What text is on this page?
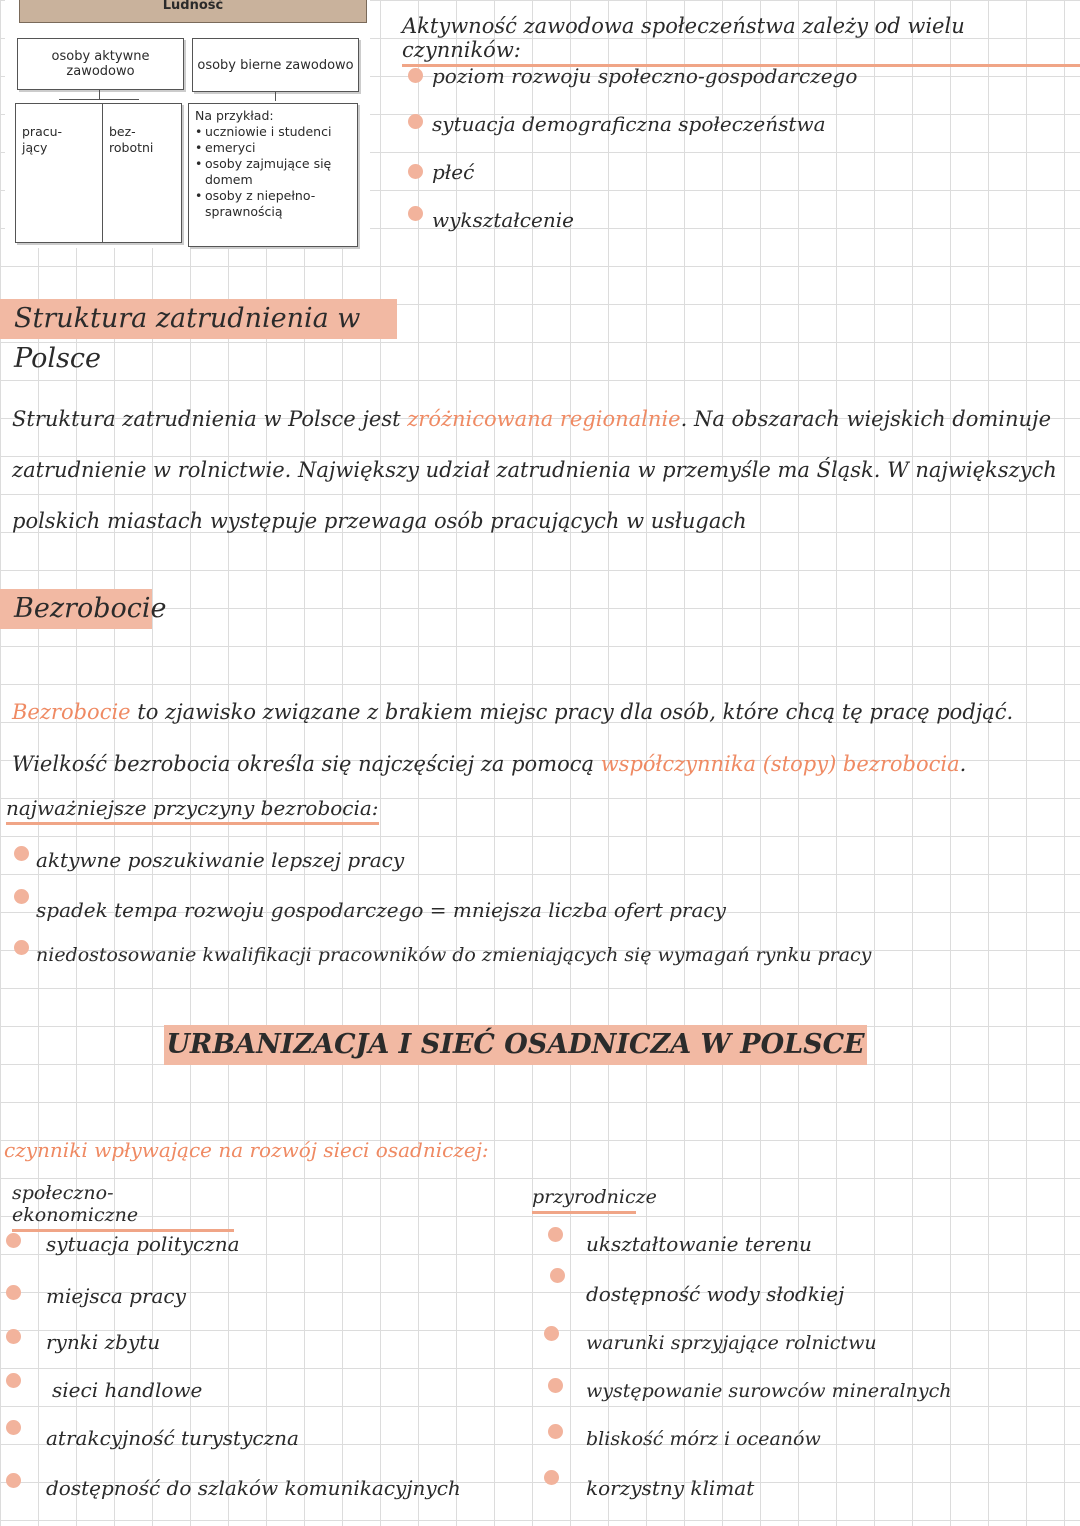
Ludność
osoby aktywne zawodowo	osoby bierne zawodowo

pracu-
jący

bez-
robotni

Na przykład:
• uczniowie i studenci
• emeryci
• osoby zajmujące się domem
• osoby z niepełno- sprawnością
Aktywność zawodowa społeczeństwa zależy od wielu czynników:
poziom rozwoju społeczno-gospodarczego
sytuacja demograficzna społeczeństwa
płeć
wykształcenie
Struktura zatrudnienia w Polsce
Struktura zatrudnienia w Polsce jest zróżnicowana regionalnie. Na obszarach wiejskich dominuje zatrudnienie w rolnictwie. Największy udział zatrudnienia w przemyśle ma Śląsk. W największych polskich miastach występuje przewaga osób pracujących w usługach
Bezrobocie
Bezrobocie to zjawisko związane z brakiem miejsc pracy dla osób, które chcą tę pracę podjąć. Wielkość bezrobocia określa się najczęściej za pomocą współczynnika (stopy) bezrobocia.
najważniejsze przyczyny bezrobocia:
aktywne poszukiwanie lepszej pracy
spadek tempa rozwoju gospodarczego = mniejsza liczba ofert pracy
niedostosowanie kwalifikacji pracowników do zmieniających się wymagań rynku pracy
URBANIZACJA I SIEĆ OSADNICZA W POLSCE
czynniki wpływające na rozwój sieci osadniczej:
społeczno-ekonomiczne
sytuacja polityczna
miejsca pracy
rynki zbytu
sieci handlowe
atrakcyjność turystyczna
dostępność do szlaków komunikacyjnych
przyrodnicze
ukształtowanie terenu
dostępność wody słodkiej
warunki sprzyjające rolnictwu
występowanie surowców mineralnych
bliskość mórz i oceanów
korzystny klimat
